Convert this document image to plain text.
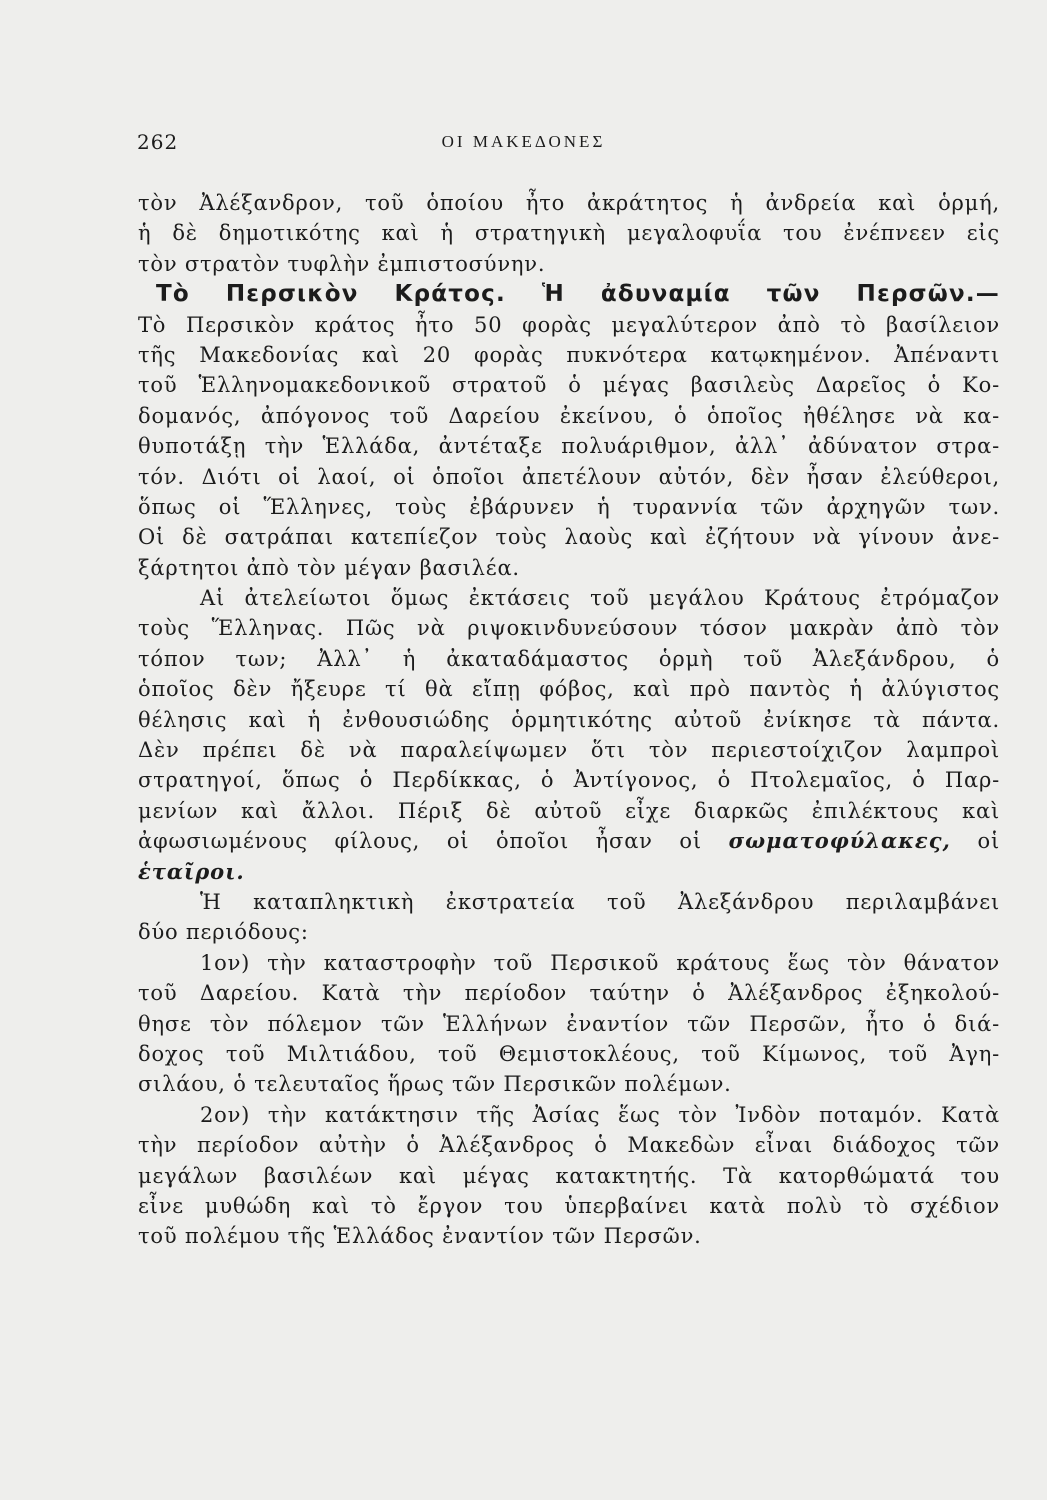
262	ΟΙ ΜΑΚΕΔΟΝΕΣ
τὸν Ἀλέξανδρον, τοῦ ὁποίου ἦτο ἀκράτητος ἡ ἀνδρεία καὶ ὁρμή,
ἡ δὲ δημοτικότης καὶ ἡ στρατηγικὴ μεγαλοφυΐα του ἐνέπνεεν εἰς
τὸν στρατὸν τυφλὴν ἐμπιστοσύνην.
Τὸ Περσικὸν Κράτος. Ἡ ἀδυναμία τῶν Περσῶν.—
Τὸ Περσικὸν κράτος ἦτο 50 φορὰς μεγαλύτερον ἀπὸ τὸ βασίλειον
τῆς Μακεδονίας καὶ 20 φορὰς πυκνότερα κατῳκημένον. Ἀπέναντι
τοῦ Ἑλληνομακεδονικοῦ στρατοῦ ὁ μέγας βασιλεὺς Δαρεῖος ὁ Κο-
δομανός, ἀπόγονος τοῦ Δαρείου ἐκείνου, ὁ ὁποῖος ἠθέλησε νὰ κα-
θυποτάξῃ τὴν Ἑλλάδα, ἀντέταξε πολυάριθμον, ἀλλ᾽ ἀδύνατον στρα-
τόν. Διότι οἱ λαοί, οἱ ὁποῖοι ἀπετέλουν αὐτόν, δὲν ἦσαν ἐλεύθεροι,
ὅπως οἱ Ἕλληνες, τοὺς ἐβάρυνεν ἡ τυραννία τῶν ἀρχηγῶν των.
Οἱ δὲ σατράπαι κατεπίεζον τοὺς λαοὺς καὶ ἐζήτουν νὰ γίνουν ἀνε-
ξάρτητοι ἀπὸ τὸν μέγαν βασιλέα.
Αἱ ἀτελείωτοι ὅμως ἐκτάσεις τοῦ μεγάλου Κράτους ἐτρόμαζον
τοὺς Ἕλληνας. Πῶς νὰ ριψοκινδυνεύσουν τόσον μακρὰν ἀπὸ τὸν
τόπον των; Ἀλλ᾽ ἡ ἀκαταδάμαστος ὁρμὴ τοῦ Ἀλεξάνδρου, ὁ
ὁποῖος δὲν ἤξευρε τί θὰ εἴπῃ φόβος, καὶ πρὸ παντὸς ἡ ἀλύγιστος
θέλησις καὶ ἡ ἐνθουσιώδης ὁρμητικότης αὐτοῦ ἐνίκησε τὰ πάντα.
Δὲν πρέπει δὲ νὰ παραλείψωμεν ὅτι τὸν περιεστοίχιζον λαμπροὶ
στρατηγοί, ὅπως ὁ Περδίκκας, ὁ Ἀντίγονος, ὁ Πτολεμαῖος, ὁ Παρ-
μενίων καὶ ἄλλοι. Πέριξ δὲ αὐτοῦ εἶχε διαρκῶς ἐπιλέκτους καὶ
ἀφωσιωμένους φίλους, οἱ ὁποῖοι ἦσαν οἱ σωματοφύλακες, οἱ
ἑταῖροι.
Ἡ καταπληκτικὴ ἐκστρατεία τοῦ Ἀλεξάνδρου περιλαμβάνει
δύο περιόδους:
1ον) τὴν καταστροφὴν τοῦ Περσικοῦ κράτους ἕως τὸν θάνατον
τοῦ Δαρείου. Κατὰ τὴν περίοδον ταύτην ὁ Ἀλέξανδρος ἐξηκολού-
θησε τὸν πόλεμον τῶν Ἑλλήνων ἐναντίον τῶν Περσῶν, ἦτο ὁ διά-
δοχος τοῦ Μιλτιάδου, τοῦ Θεμιστοκλέους, τοῦ Κίμωνος, τοῦ Ἀγη-
σιλάου, ὁ τελευταῖος ἥρως τῶν Περσικῶν πολέμων.
2ον) τὴν κατάκτησιν τῆς Ἀσίας ἕως τὸν Ἰνδὸν ποταμόν. Κατὰ
τὴν περίοδον αὐτὴν ὁ Ἀλέξανδρος ὁ Μακεδὼν εἶναι διάδοχος τῶν
μεγάλων βασιλέων καὶ μέγας κατακτητής. Τὰ κατορθώματά του
εἶνε μυθώδη καὶ τὸ ἔργον του ὑπερβαίνει κατὰ πολὺ τὸ σχέδιον
τοῦ πολέμου τῆς Ἑλλάδος ἐναντίον τῶν Περσῶν.
